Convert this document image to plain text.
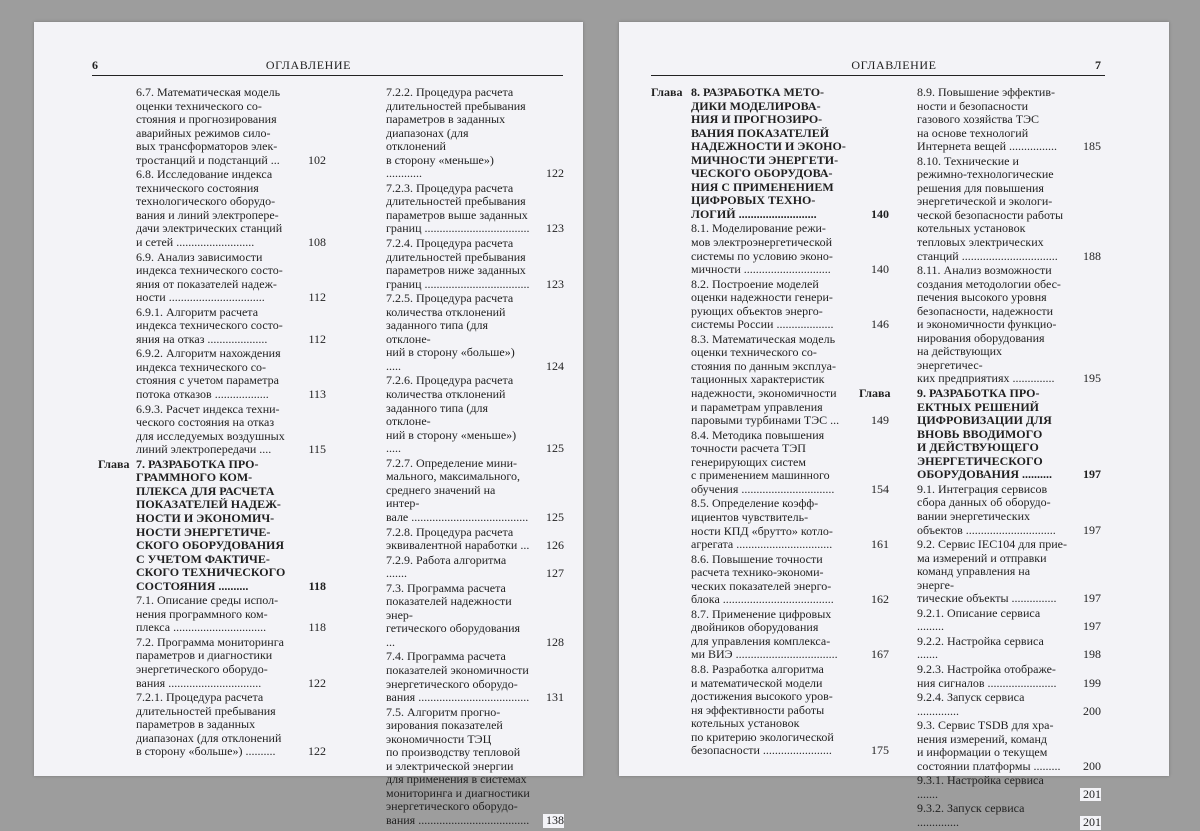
6	ОГЛАВЛЕНИЕ
6.7. Математическая модель
оценки технического со-
стояния и прогнозирования
аварийных режимов сило-
вых трансформаторов элек-
тростанций и подстанций ...	102
6.8. Исследование индекса
технического состояния
технологического оборудо-
вания и линий электропере-
дачи электрических станций
и сетей ..........................	108
6.9. Анализ зависимости
индекса технического состо-
яния от показателей надеж-
ности ................................	112
6.9.1. Алгоритм расчета
индекса технического состо-
яния на отказ ....................	112
6.9.2. Алгоритм нахождения
индекса технического со-
стояния с учетом параметра
потока отказов ..................	113
6.9.3. Расчет индекса техни-
ческого состояния на отказ
для исследуемых воздушных
линий электропередачи ....	115
Глава 7. РАЗРАБОТКА ПРО-
ГРАММНОГО КОМ-
ПЛЕКСА ДЛЯ РАСЧЕТА
ПОКАЗАТЕЛЕЙ НАДЕЖ-
НОСТИ И ЭКОНОМИЧ-
НОСТИ ЭНЕРГЕТИЧЕ-
СКОГО ОБОРУДОВАНИЯ
С УЧЕТОМ ФАКТИЧЕ-
СКОГО ТЕХНИЧЕСКОГО
СОСТОЯНИЯ ..........	118
7.1. Описание среды испол-
нения программного ком-
плекса ...............................	118
7.2. Программа мониторинга
параметров и диагностики
энергетического оборудо-
вания ...............................	122
7.2.1. Процедура расчета
длительностей пребывания
параметров в заданных
диапазонах (для отклонений
в сторону «больше») ..........	122
7.2.2. Процедура расчета
длительностей пребывания
параметров в заданных
диапазонах (для отклонений
в сторону «меньше») ............	122
7.2.3. Процедура расчета
длительностей пребывания
параметров выше заданных
границ ...................................	123
7.2.4. Процедура расчета
длительностей пребывания
параметров ниже заданных
границ ...................................	123
7.2.5. Процедура расчета
количества отклонений
заданного типа (для отклоне-
ний в сторону «больше») .....	124
7.2.6. Процедура расчета
количества отклонений
заданного типа (для отклоне-
ний в сторону «меньше») .....	125
7.2.7. Определение мини-
мального, максимального,
среднего значений на интер-
вале .......................................	125
7.2.8. Процедура расчета
эквивалентной наработки ...	126
7.2.9. Работа алгоритма .......	127
7.3. Программа расчета
показателей надежности энер-
гетического оборудования ...	128
7.4. Программа расчета
показателей экономичности
энергетического оборудо-
вания .....................................	131
7.5. Алгоритм прогно-
зирования показателей
экономичности ТЭЦ
по производству тепловой
и электрической энергии
для применения в системах
мониторинга и диагностики
энергетического оборудо-
вания .....................................	138
ОГЛАВЛЕНИЕ	7
Глава 8. РАЗРАБОТКА МЕТО-
ДИКИ МОДЕЛИРОВА-
НИЯ И ПРОГНОЗИРО-
ВАНИЯ ПОКАЗАТЕЛЕЙ
НАДЕЖНОСТИ И ЭКОНО-
МИЧНОСТИ ЭНЕРГЕТИ-
ЧЕСКОГО ОБОРУДОВА-
НИЯ С ПРИМЕНЕНИЕМ
ЦИФРОВЫХ ТЕХНО-
ЛОГИЙ ..........................	140
8.1. Моделирование режи-
мов электроэнергетической
системы по условию эконо-
мичности .............................	140
8.2. Построение моделей
оценки надежности генери-
рующих объектов энерго-
системы России ...................	146
8.3. Математическая модель
оценки технического со-
стояния по данным эксплуа-
тационных характеристик
надежности, экономичности
и параметрам управления
паровыми турбинами ТЭС ...	149
8.4. Методика повышения
точности расчета ТЭП
генерирующих систем
с применением машинного
обучения ...............................	154
8.5. Определение коэфф-
ициентов чувствитель-
ности КПД «брутто» котло-
агрегата ................................	161
8.6. Повышение точности
расчета технико-экономи-
ческих показателей энерго-
блока .....................................	162
8.7. Применение цифровых
двойников оборудования
для управления комплекса-
ми ВИЭ ..................................	167
8.8. Разработка алгоритма
и математической модели
достижения высокого уров-
ня эффективности работы
котельных установок
по критерию экологической
безопасности .......................	175
8.9. Повышение эффектив-
ности и безопасности
газового хозяйства ТЭС
на основе технологий
Интернета вещей ................	185
8.10. Технические и
режимно-технологические
решения для повышения
энергетической и экологи-
ческой безопасности работы
котельных установок
тепловых электрических
станций ................................	188
8.11. Анализ возможности
создания методологии обес-
печения высокого уровня
безопасности, надежности
и экономичности функцио-
нирования оборудования
на действующих энергетичес-
ких предприятиях ..............	195
Глава 9. РАЗРАБОТКА ПРО-
ЕКТНЫХ РЕШЕНИЙ
ЦИФРОВИЗАЦИИ ДЛЯ
ВНОВЬ ВВОДИМОГО
И ДЕЙСТВУЮЩЕГО
ЭНЕРГЕТИЧЕСКОГО
ОБОРУДОВАНИЯ ..........	197
9.1. Интеграция сервисов
сбора данных об оборудо-
вании энергетических
объектов ..............................	197
9.2. Сервис IEC104 для прие-
ма измерений и отправки
команд управления на энерге-
тические объекты ...............	197
9.2.1. Описание сервиса .........	197
9.2.2. Настройка сервиса .......	198
9.2.3. Настройка отображе-
ния сигналов .......................	199
9.2.4. Запуск сервиса ..............	200
9.3. Сервис TSDB для хра-
нения измерений, команд
и информации о текущем
состоянии платформы .........	200
9.3.1. Настройка сервиса .......	201
9.3.2. Запуск сервиса ..............	201
